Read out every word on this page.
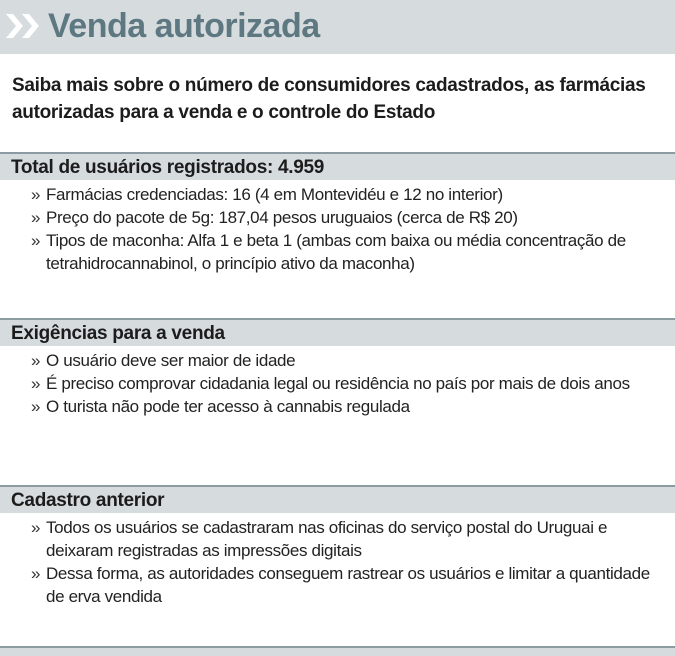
Venda autorizada
Saiba mais sobre o número de consumidores cadastrados, as farmácias autorizadas para a venda e o controle do Estado
Total de usuários registrados: 4.959
» Farmácias credenciadas: 16 (4 em Montevidéu e 12 no interior)
» Preço do pacote de 5g: 187,04 pesos uruguaios (cerca de R$ 20)
» Tipos de maconha: Alfa 1 e beta 1 (ambas com baixa ou média concentração de tetrahidrocannabinol, o princípio ativo da maconha)
Exigências para a venda
» O usuário deve ser maior de idade
» É preciso comprovar cidadania legal ou residência no país por mais de dois anos
» O turista não pode ter acesso à cannabis regulada
Cadastro anterior
» Todos os usuários se cadastraram nas oficinas do serviço postal do Uruguai e deixaram registradas as impressões digitais
» Dessa forma, as autoridades conseguem rastrear os usuários e limitar a quantidade de erva vendida
